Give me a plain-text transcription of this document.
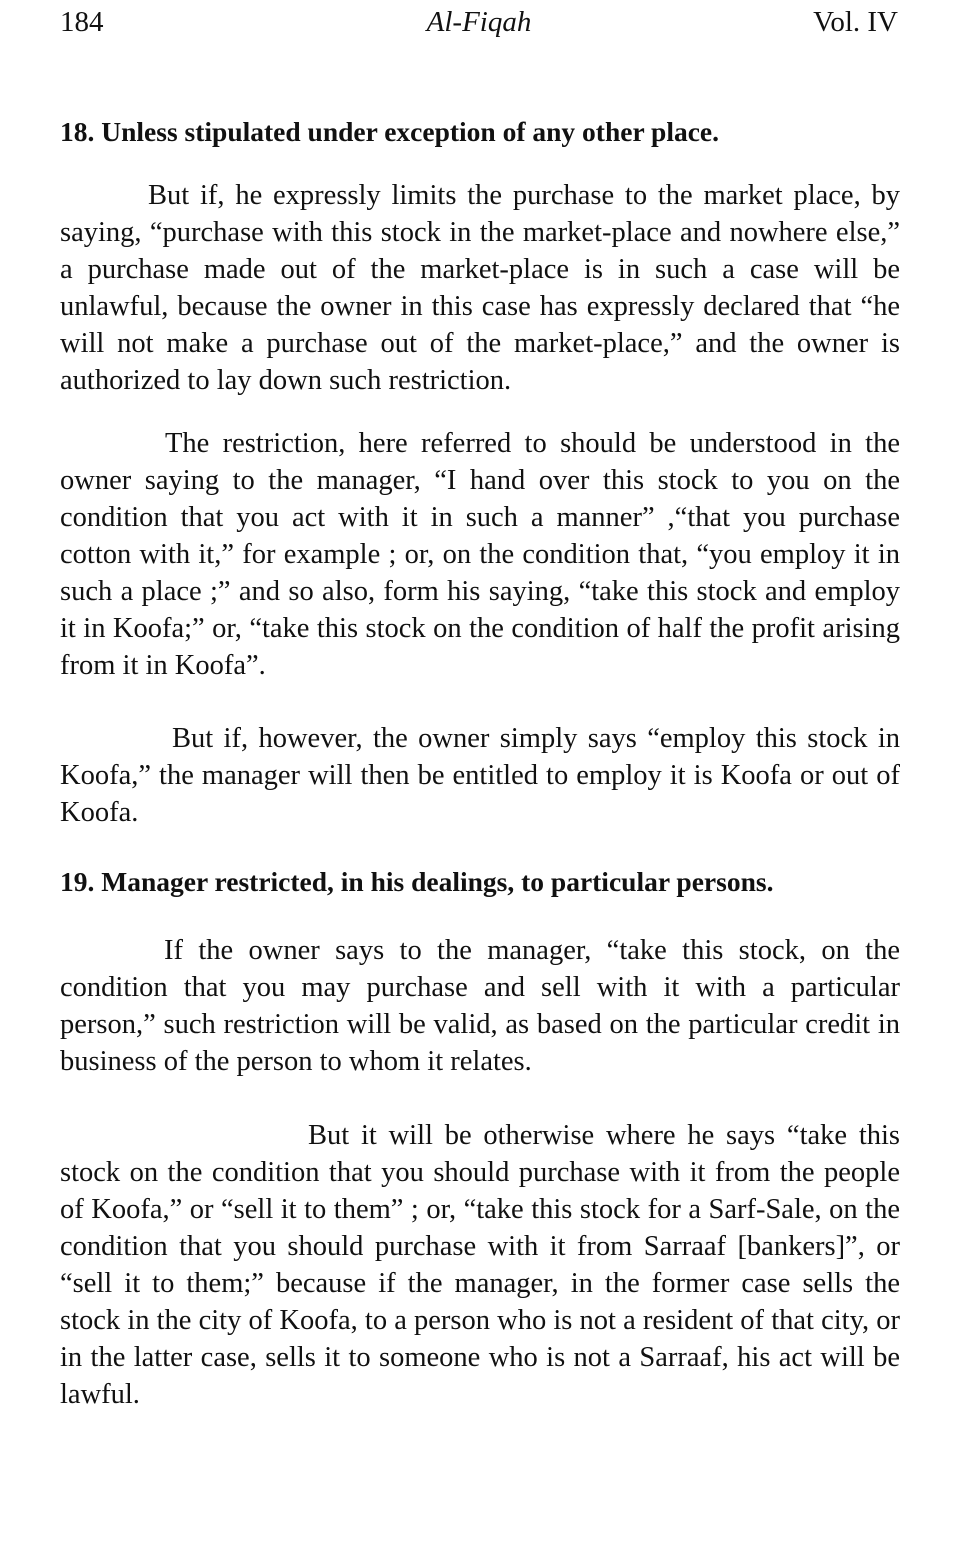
184	Al-Fiqah	Vol. IV
18. Unless stipulated under exception of any other place.

But if, he expressly limits the purchase to the market place, by saying, “purchase with this stock in the market-place and nowhere else,” a purchase made out of the market-place is in such a case will be unlawful, because the owner in this case has expressly declared that “he will not make a purchase out of the market-place,” and the owner is authorized to lay down such restriction.

The restriction, here referred to should be understood in the owner saying to the manager, “I hand over this stock to you on the condition that you act with it in such a manner” ,“that you purchase cotton with it,” for example ; or, on the condition that, “you employ it in such a place ;” and so also, form his saying, “take this stock and employ it in Koofa;” or, “take this stock on the condition of half the profit arising from it in Koofa”.

But if, however, the owner simply says “employ this stock in Koofa,” the manager will then be entitled to employ it is Koofa or out of Koofa.

19. Manager restricted, in his dealings, to particular persons.

If the owner says to the manager, “take this stock, on the condition that you may purchase and sell with it with a particular person,” such restriction will be valid, as based on the particular credit in business of the person to whom it relates.

But it will be otherwise where he says “take this stock on the condition that you should purchase with it from the people of Koofa,” or “sell it to them” ; or, “take this stock for a Sarf-Sale, on the condition that you should purchase with it from Sarraaf [bankers]”, or “sell it to them;” because if the manager, in the former case sells the stock in the city of Koofa, to a person who is not a resident of that city, or in the latter case, sells it to someone who is not a Sarraaf, his act will be lawful.
